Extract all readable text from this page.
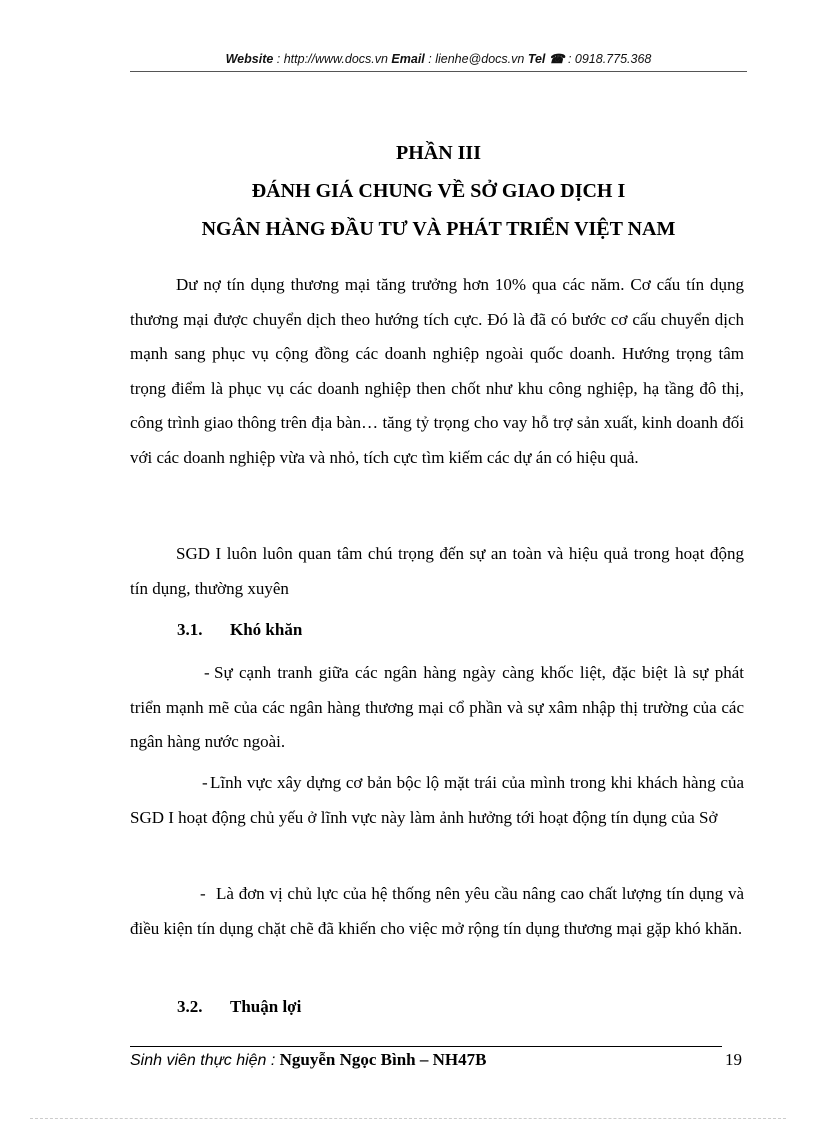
Website : http://www.docs.vn Email : lienhe@docs.vn Tel ☎ : 0918.775.368
PHẦN III
ĐÁNH GIÁ CHUNG VỀ SỞ GIAO DỊCH I
NGÂN HÀNG ĐẦU TƯ VÀ PHÁT TRIỂN VIỆT NAM

Dư nợ tín dụng thương mại tăng trưởng hơn 10% qua các năm. Cơ cấu tín dụng thương mại được chuyển dịch theo hướng tích cực. Đó là đã có bước cơ cấu chuyển dịch mạnh sang phục vụ cộng đồng các doanh nghiệp ngoài quốc doanh. Hướng trọng tâm trọng điểm là phục vụ các doanh nghiệp then chốt như khu công nghiệp, hạ tầng đô thị, công trình giao thông trên địa bàn… tăng tỷ trọng cho vay hỗ trợ sản xuất, kinh doanh đối với các doanh nghiệp vừa và nhỏ, tích cực tìm kiếm các dự án có hiệu quả.

SGD I luôn luôn quan tâm chú trọng đến sự an toàn và hiệu quả trong hoạt động tín dụng, thường xuyên

3.1. Khó khăn

- Sự cạnh tranh giữa các ngân hàng ngày càng khốc liệt, đặc biệt là sự phát triển mạnh mẽ của các ngân hàng thương mại cổ phần và sự xâm nhập thị trường của các ngân hàng nước ngoài.

- Lĩnh vực xây dựng cơ bản bộc lộ mặt trái của mình trong khi khách hàng của SGD I hoạt động chủ yếu ở lĩnh vực này làm ảnh hưởng tới hoạt động tín dụng của Sở

- Là đơn vị chủ lực của hệ thống nên yêu cầu nâng cao chất lượng tín dụng và điều kiện tín dụng chặt chẽ đã khiến cho việc mở rộng tín dụng thương mại gặp khó khăn.

3.2. Thuận lợi
Sinh viên thực hiện : Nguyễn Ngọc Bình – NH47B	19
